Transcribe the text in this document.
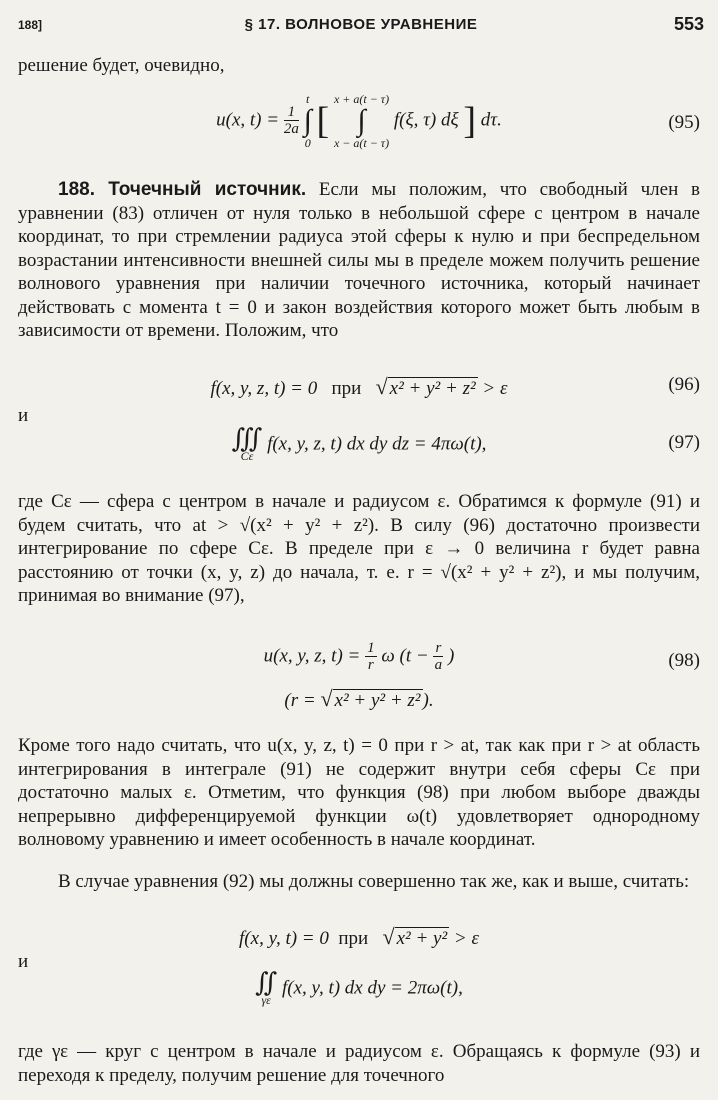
188]	§ 17. ВОЛНОВОЕ УРАВНЕНИЕ	553

решение будет, очевидно,

u(x, $t) = \frac{1}{2a}$

t
∫
0
[
x + a(t − τ)
∫
x − a(t − τ)
f(ξ, τ) dξ ] dτ.	(95)

188. Точечный источник. Если мы положим, что свободный член в уравнении (83) отличен от нуля только в небольшой сфере с центром в начале координат, то при стремлении радиуса этой сферы к нулю и при беспредельном возрастании интенсивности внешней силы мы в пределе можем получить решение волнового уравнения при наличии точечного источника, который начинает действовать с момента t = 0 и закон воздействия которого может быть любым в зависимости от времени. Положим, что

f(x, y, z, t) = 0 при √ x² + y² + z² > ε	(96)
и
∭
Cε
f(x, y, z, t) dx dy dz = 4πω(t),	(97)

где Cε — сфера с центром в начале и радиусом ε. Обратимся к формуле (91) и будем считать, что at > √(x² + y² + z²). В силу (96) достаточно произвести интегрирование по сфере Cε. В пределе при ε → 0 величина r будет равна расстоянию от точки (x, y, z) до начала, т. е. r = √(x² + y² + z²), и мы получим, принимая во внимание (97),

u(x, y, z, $t) = \frac{1}{r}$ ω ($t - \frac{r}{a}$ )	(98)
(r = √ x² + y² + z² ).

Кроме того надо считать, что u(x, y, z, t) = 0 при r > at, так как при r > at область интегрирования в интеграле (91) не содержит внутри себя сферы Cε при достаточно малых ε. Отметим, что функция (98) при любом выборе дважды непрерывно дифференцируемой функции ω(t) удовлетворяет однородному волновому уравнению и имеет особенность в начале координат.

В случае уравнения (92) мы должны совершенно так же, как и выше, считать:

f(x, y, t) = 0 при √ x² + y² > ε
и
∬
γε
f(x, y, t) dx dy = 2πω(t),

где γε — круг с центром в начале и радиусом ε. Обращаясь к формуле (93) и переходя к пределу, получим решение для точечного
